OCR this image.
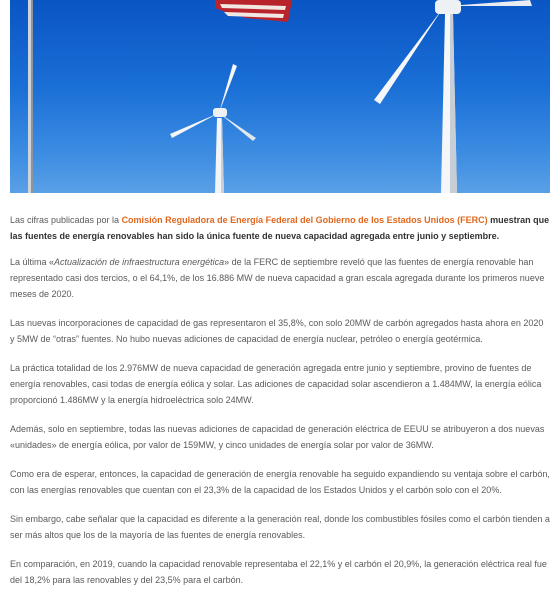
Las cifras publicadas por la Comisión Reguladora de Energía Federal del Gobierno de los Estados Unidos (FERC) muestran que las fuentes de energía renovables han sido la única fuente de nueva capacidad agregada entre junio y septiembre.

La última «Actualización de infraestructura energética» de la FERC de septiembre reveló que las fuentes de energía renovable han representado casi dos tercios, o el 64,1%, de los 16.886 MW de nueva capacidad a gran escala agregada durante los primeros nueve meses de 2020.

Las nuevas incorporaciones de capacidad de gas representaron el 35,8%, con solo 20MW de carbón agregados hasta ahora en 2020 y 5MW de “otras” fuentes. No hubo nuevas adiciones de capacidad de energía nuclear, petróleo o energía geotérmica.

La práctica totalidad de los 2.976MW de nueva capacidad de generación agregada entre junio y septiembre, provino de fuentes de energía renovables, casi todas de energía eólica y solar. Las adiciones de capacidad solar ascendieron a 1.484MW, la energía eólica proporcionó 1.486MW y la energía hidroeléctrica solo 24MW.

Además, solo en septiembre, todas las nuevas adiciones de capacidad de generación eléctrica de EEUU se atribuyeron a dos nuevas «unidades» de energía eólica, por valor de 159MW, y cinco unidades de energía solar por valor de 36MW.

Como era de esperar, entonces, la capacidad de generación de energía renovable ha seguido expandiendo su ventaja sobre el carbón, con las energías renovables que cuentan con el 23,3% de la capacidad de los Estados Unidos y el carbón solo con el 20%.

Sin embargo, cabe señalar que la capacidad es diferente a la generación real, donde los combustibles fósiles como el carbón tienden a ser más altos que los de la mayoría de las fuentes de energía renovables.

En comparación, en 2019, cuando la capacidad renovable representaba el 22,1% y el carbón el 20,9%, la generación eléctrica real fue del 18,2% para las renovables y del 23,5% para el carbón.
